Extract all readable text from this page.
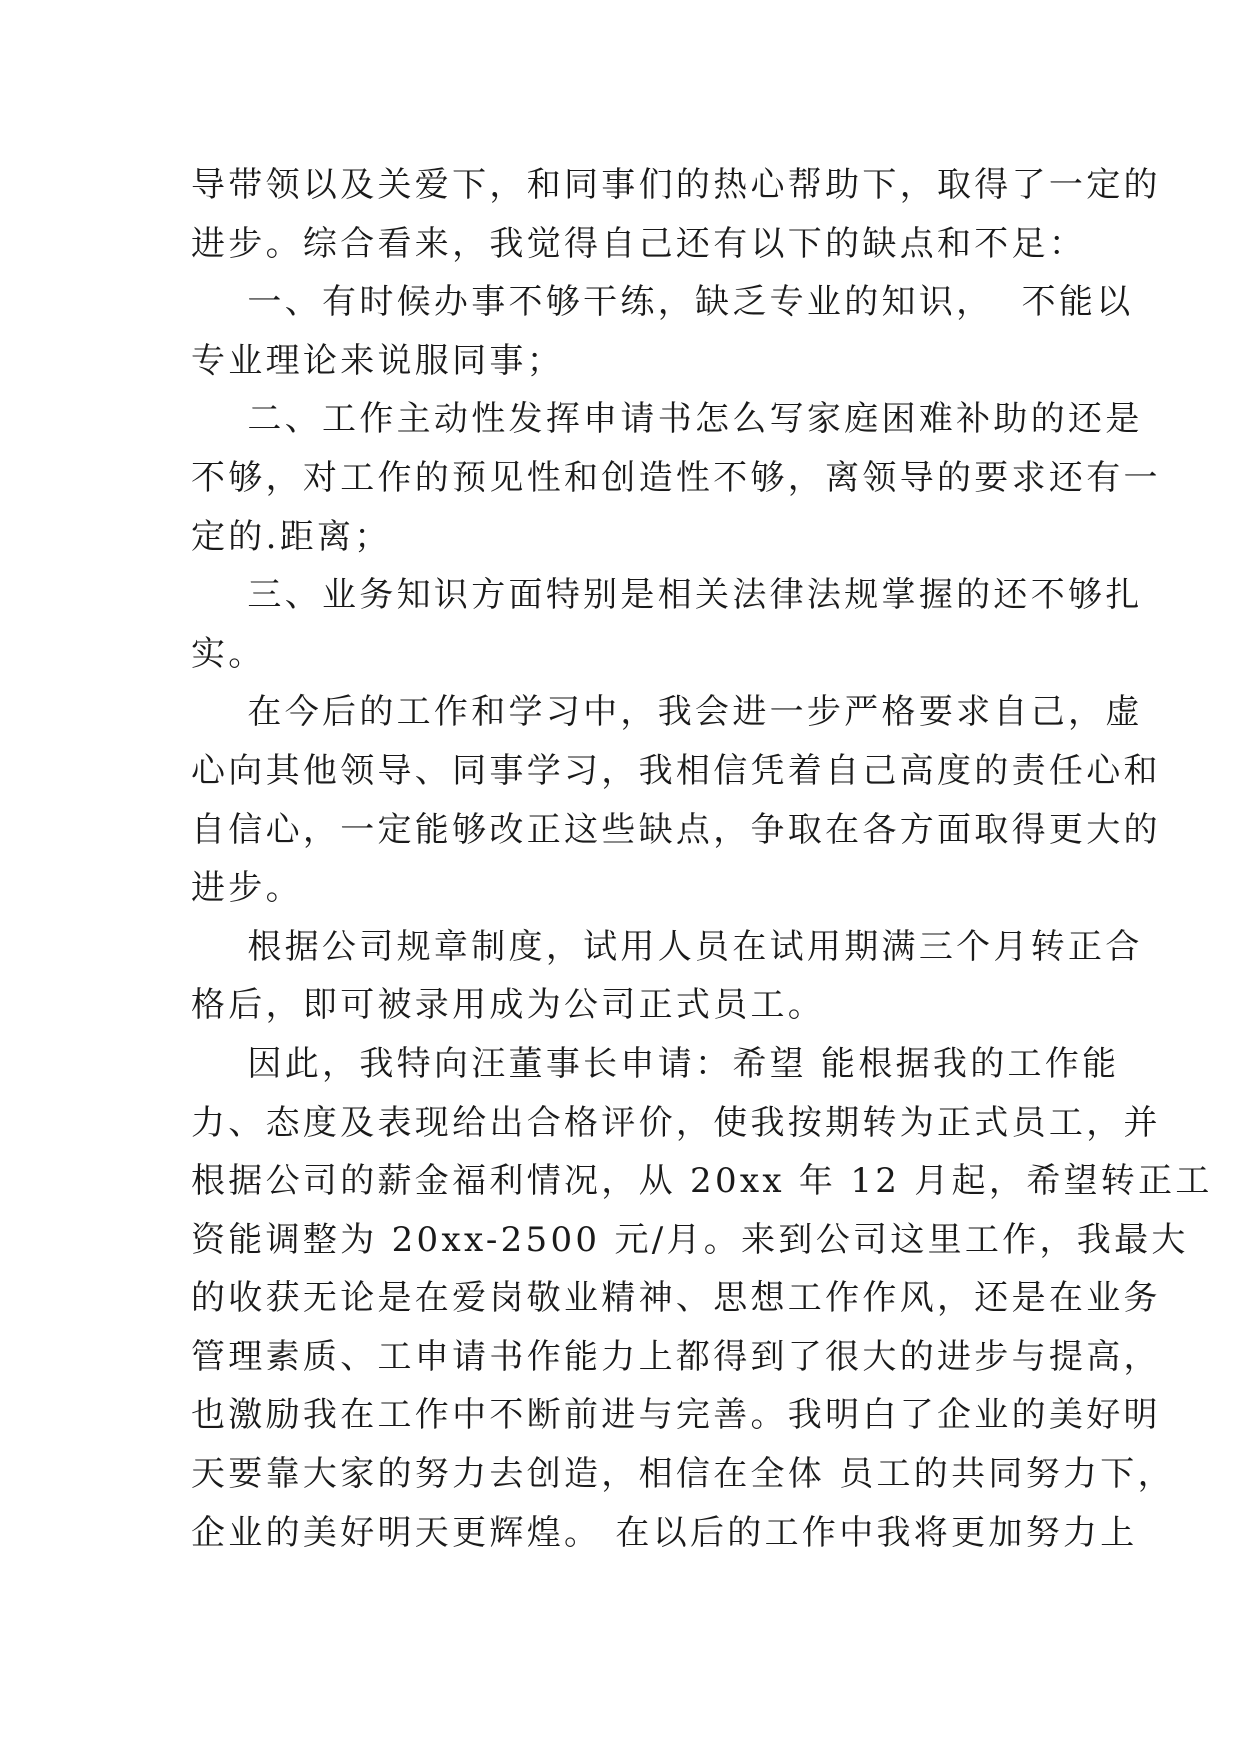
导带领以及关爱下，和同事们的热心帮助下，取得了一定的
进步。综合看来，我觉得自己还有以下的缺点和不足：
一、有时候办事不够干练，缺乏专业的知识，  不能以
专业理论来说服同事；
二、工作主动性发挥申请书怎么写家庭困难补助的还是
不够，对工作的预见性和创造性不够，离领导的要求还有一
定的.距离；
三、业务知识方面特别是相关法律法规掌握的还不够扎
实。
在今后的工作和学习中，我会进一步严格要求自己，虚
心向其他领导、同事学习，我相信凭着自己高度的责任心和
自信心，一定能够改正这些缺点，争取在各方面取得更大的
进步。
根据公司规章制度，试用人员在试用期满三个月转正合
格后，即可被录用成为公司正式员工。
因此，我特向汪董事长申请：希望 能根据我的工作能
力、态度及表现给出合格评价，使我按期转为正式员工，并
根据公司的薪金福利情况，从 20xx 年 12 月起，希望转正工
资能调整为 20xx-2500 元/月。来到公司这里工作，我最大
的收获无论是在爱岗敬业精神、思想工作作风，还是在业务
管理素质、工申请书作能力上都得到了很大的进步与提高，
也激励我在工作中不断前进与完善。我明白了企业的美好明
天要靠大家的努力去创造，相信在全体 员工的共同努力下，
企业的美好明天更辉煌。 在以后的工作中我将更加努力上
